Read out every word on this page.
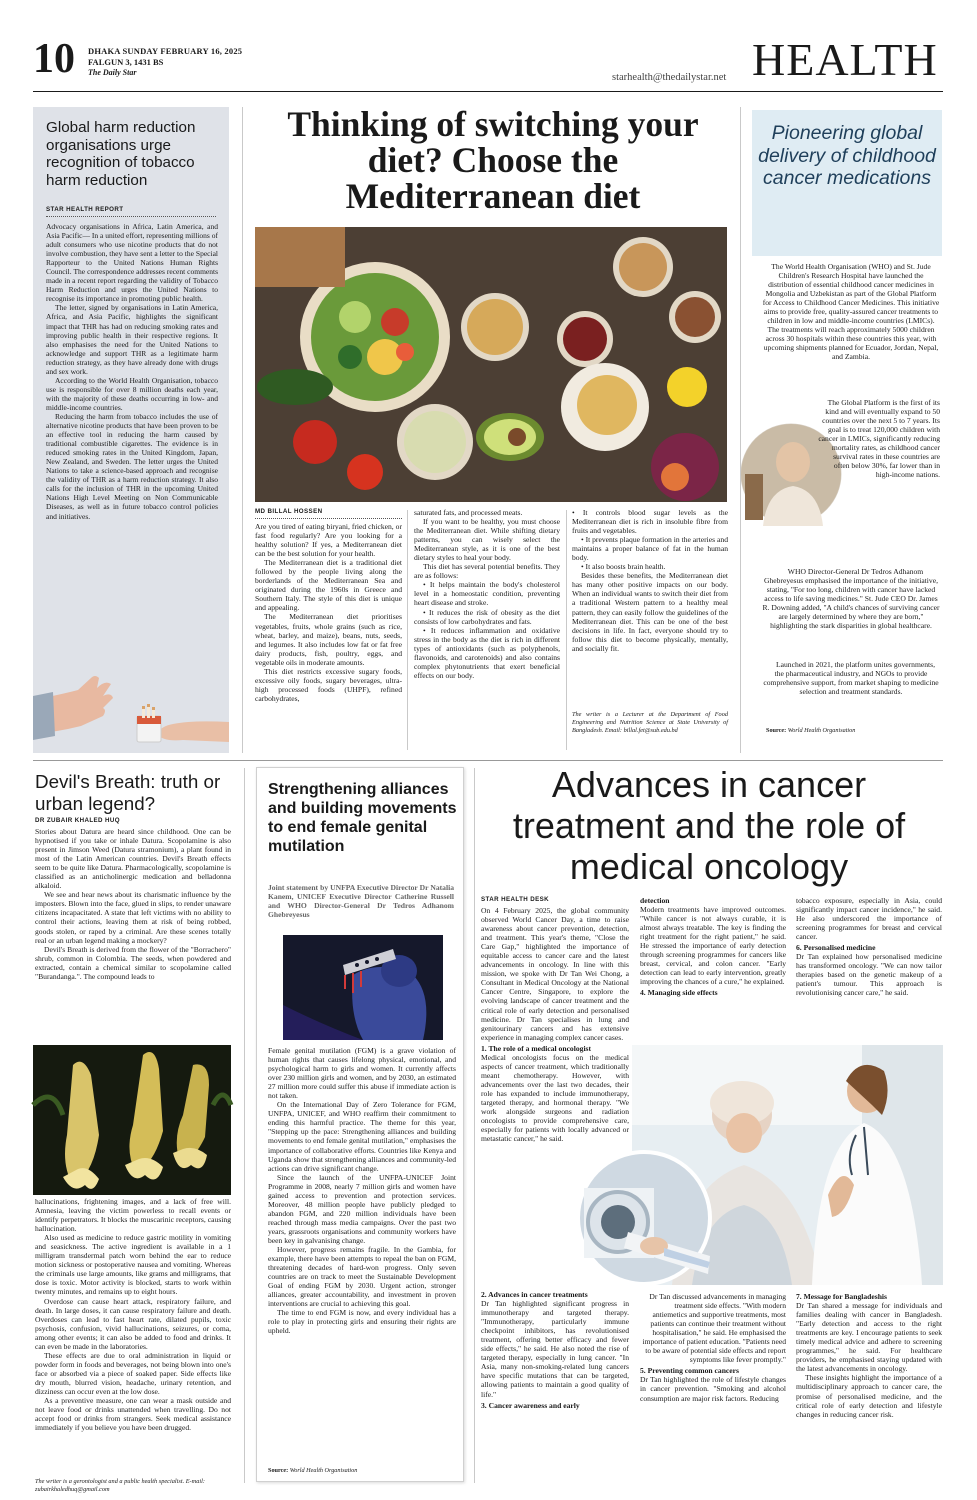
10 DHAKA SUNDAY FEBRUARY 16, 2025
FALGUN 3, 1431 BS
The Daily Star	starhealth@thedailystar.net HEALTH
Global harm reduction organisations urge recognition of tobacco harm reduction
STAR HEALTH REPORT

Advocacy organisations in Africa, Latin America, and Asia Pacific— In a united effort, representing millions of adult consumers who use nicotine products that do not involve combustion, they have sent a letter to the Special Rapporteur to the United Nations Human Rights Council. The correspondence addresses recent comments made in a recent report regarding the validity of Tobacco Harm Reduction and urges the United Nations to recognise its importance in promoting public health.

The letter, signed by organisations in Latin America, Africa, and Asia Pacific, highlights the significant impact that THR has had on reducing smoking rates and improving public health in their respective regions. It also emphasises the need for the United Nations to acknowledge and support THR as a legitimate harm reduction strategy, as they have already done with drugs and sex work.

According to the World Health Organisation, tobacco use is responsible for over 8 million deaths each year, with the majority of these deaths occurring in low- and middle-income countries.

Reducing the harm from tobacco includes the use of alternative nicotine products that have been proven to be an effective tool in reducing the harm caused by traditional combustible cigarettes. The evidence is in reduced smoking rates in the United Kingdom, Japan, New Zealand, and Sweden. The letter urges the United Nations to take a science-based approach and recognise the validity of THR as a harm reduction strategy. It also calls for the inclusion of THR in the upcoming United Nations High Level Meeting on Non Communicable Diseases, as well as in future tobacco control policies and initiatives.

Thinking of switching your diet? Choose the Mediterranean diet
MD BILLAL HOSSEN

Are you tired of eating biryani, fried chicken, or fast food regularly? Are you looking for a healthy solution? If yes, a Mediterranean diet can be the best solution for your health.

The Mediterranean diet is a traditional diet followed by the people living along the borderlands of the Mediterranean Sea and originated during the 1960s in Greece and Southern Italy. The style of this diet is unique and appealing.

The Mediterranean diet prioritises vegetables, fruits, whole grains (such as rice, wheat, barley, and maize), beans, nuts, seeds, and legumes. It also includes low fat or fat free dairy products, fish, poultry, eggs, and vegetable oils in moderate amounts.

This diet restricts excessive sugary foods, excessive oily foods, sugary beverages, ultra-high processed foods (UHPF), refined carbohydrates,

saturated fats, and processed meats.

If you want to be healthy, you must choose the Mediterranean diet. While shifting dietary patterns, you can wisely select the Mediterranean style, as it is one of the best dietary styles to heal your body.

This diet has several potential benefits. They are as follows:

• It helps maintain the body's cholesterol level in a homeostatic condition, preventing heart disease and stroke.

• It reduces the risk of obesity as the diet consists of low carbohydrates and fats.

• It reduces inflammation and oxidative stress in the body as the diet is rich in different types of antioxidants (such as polyphenols, flavonoids, and carotenoids) and also contains complex phytonutrients that exert beneficial effects on our body.

• It controls blood sugar levels as the Mediterranean diet is rich in insoluble fibre from fruits and vegetables.

• It prevents plaque formation in the arteries and maintains a proper balance of fat in the human body.

• It also boosts brain health.

Besides these benefits, the Mediterranean diet has many other positive impacts on our body. When an individual wants to switch their diet from a traditional Western pattern to a healthy meal pattern, they can easily follow the guidelines of the Mediterranean diet. This can be one of the best decisions in life. In fact, everyone should try to follow this diet to become physically, mentally, and socially fit.

The writer is a Lecturer at the Department of Food Engineering and Nutrition Science at State University of Bangladesh. Email: billal.fet@sub.edu.bd
Pioneering global delivery of childhood cancer medications

The World Health Organisation (WHO) and St. Jude Children's Research Hospital have launched the distribution of essential childhood cancer medicines in Mongolia and Uzbekistan as part of the Global Platform for Access to Childhood Cancer Medicines. This initiative aims to provide free, quality-assured cancer treatments to children in low and middle-income countries (LMICs). The treatments will reach approximately 5000 children across 30 hospitals within these countries this year, with upcoming shipments planned for Ecuador, Jordan, Nepal, and Zambia.

The Global Platform is the first of its kind and will eventually expand to 50 countries over the next 5 to 7 years. Its goal is to treat 120,000 children with cancer in LMICs, significantly reducing mortality rates, as childhood cancer survival rates in these countries are often below 30%, far lower than in high-income nations.

WHO Director-General Dr Tedros Adhanom Ghebreyesus emphasised the importance of the initiative, stating, "For too long, children with cancer have lacked access to life saving medicines." St. Jude CEO Dr. James R. Downing added, "A child's chances of surviving cancer are largely determined by where they are born," highlighting the stark disparities in global healthcare.

Launched in 2021, the platform unites governments, the pharmaceutical industry, and NGOs to provide comprehensive support, from market shaping to medicine selection and treatment standards.

Source: World Health Organisation
Devil's Breath: truth or urban legend?
DR ZUBAIR KHALED HUQ

Stories about Datura are heard since childhood. One can be hypnotised if you take or inhale Datura. Scopolamine is also present in Jimson Weed (Datura stramonium), a plant found in most of the Latin American countries. Devil's Breath effects seem to be quite like Datura. Pharmacologically, scopolamine is classified as an anticholinergic medication and belladonna alkaloid.

We see and hear news about its charismatic influence by the imposters. Blown into the face, glued in slips, to render unaware citizens incapacitated. A state that left victims with no ability to control their actions, leaving them at risk of being robbed, goods stolen, or raped by a criminal. Are these scenes totally real or an urban legend making a mockery?

Devil's Breath is derived from the flower of the "Borrachero" shrub, common in Colombia. The seeds, when powdered and extracted, contain a chemical similar to scopolamine called "Burandanga.". The compound leads to

hallucinations, frightening images, and a lack of free will. Amnesia, leaving the victim powerless to recall events or identify perpetrators. It blocks the muscarinic receptors, causing hallucination.

Also used as medicine to reduce gastric motility in vomiting and seasickness. The active ingredient is available in a 1 milligram transdermal patch worn behind the ear to reduce motion sickness or postoperative nausea and vomiting. Whereas the criminals use large amounts, like grams and milligrams, that dose is toxic. Motor activity is blocked, starts to work within twenty minutes, and remains up to eight hours.

Overdose can cause heart attack, respiratory failure, and death. In large doses, it can cause respiratory failure and death. Overdoses can lead to fast heart rate, dilated pupils, toxic psychosis, confusion, vivid hallucinations, seizures, or coma, among other events; it can also be added to food and drinks. It can even be made in the laboratories.

These effects are due to oral administration in liquid or powder form in foods and beverages, not being blown into one's face or absorbed via a piece of soaked paper. Side effects like dry mouth, blurred vision, headache, urinary retention, and dizziness can occur even at the low dose.

As a preventive measure, one can wear a mask outside and not leave food or drinks unattended when travelling. Do not accept food or drinks from strangers. Seek medical assistance immediately if you believe you have been drugged.

The writer is a gerontologist and a public health specialist. E-mail: zubairkhaledhuq@gmail.com
Strengthening alliances and building movements to end female genital mutilation
Joint statement by UNFPA Executive Director Dr Natalia Kanem, UNICEF Executive Director Catherine Russell and WHO Director-General Dr Tedros Adhanom Ghebreyesus

Female genital mutilation (FGM) is a grave violation of human rights that causes lifelong physical, emotional, and psychological harm to girls and women. It currently affects over 230 million girls and women, and by 2030, an estimated 27 million more could suffer this abuse if immediate action is not taken.

On the International Day of Zero Tolerance for FGM, UNFPA, UNICEF, and WHO reaffirm their commitment to ending this harmful practice. The theme for this year, "Stepping up the pace: Strengthening alliances and building movements to end female genital mutilation," emphasises the importance of collaborative efforts. Countries like Kenya and Uganda show that strengthening alliances and community-led actions can drive significant change.

Since the launch of the UNFPA-UNICEF Joint Programme in 2008, nearly 7 million girls and women have gained access to prevention and protection services. Moreover, 48 million people have publicly pledged to abandon FGM, and 220 million individuals have been reached through mass media campaigns. Over the past two years, grassroots organisations and community workers have been key in galvanising change.

However, progress remains fragile. In the Gambia, for example, there have been attempts to repeal the ban on FGM, threatening decades of hard-won progress. Only seven countries are on track to meet the Sustainable Development Goal of ending FGM by 2030. Urgent action, stronger alliances, greater accountability, and investment in proven interventions are crucial to achieving this goal.

The time to end FGM is now, and every individual has a role to play in protecting girls and ensuring their rights are upheld.

Source: World Health Organisation
Advances in cancer treatment and the role of medical oncology
STAR HEALTH DESK

On 4 February 2025, the global community observed World Cancer Day, a time to raise awareness about cancer prevention, detection, and treatment. This year's theme, "Close the Care Gap," highlighted the importance of equitable access to cancer care and the latest advancements in oncology. In line with this mission, we spoke with Dr Tan Wei Chong, a Consultant in Medical Oncology at the National Cancer Centre, Singapore, to explore the evolving landscape of cancer treatment and the critical role of early detection and personalised medicine. Dr Tan specialises in lung and genitourinary cancers and has extensive experience in managing complex cancer cases.

1. The role of a medical oncologist

Medical oncologists focus on the medical aspects of cancer treatment, which traditionally meant chemotherapy. However, with advancements over the last two decades, their role has expanded to include immunotherapy, targeted therapy, and hormonal therapy. "We work alongside surgeons and radiation oncologists to provide comprehensive care, especially for patients with locally advanced or metastatic cancer," he said.

2. Advances in cancer treatments

Dr Tan highlighted significant progress in immunotherapy and targeted therapy. "Immunotherapy, particularly immune checkpoint inhibitors, has revolutionised treatment, offering better efficacy and fewer side effects," he said. He also noted the rise of targeted therapy, especially in lung cancer. "In Asia, many non-smoking-related lung cancers have specific mutations that can be targeted, allowing patients to maintain a good quality of life."

3. Cancer awareness and early

detection

Modern treatments have improved outcomes. "While cancer is not always curable, it is almost always treatable. The key is finding the right treatment for the right patient," he said. He stressed the importance of early detection through screening programmes for cancers like breast, cervical, and colon cancer. "Early detection can lead to early intervention, greatly improving the chances of a cure," he explained.

4. Managing side effects

tobacco exposure, especially in Asia, could significantly impact cancer incidence," he said. He also underscored the importance of screening programmes for breast and cervical cancer.

6. Personalised medicine

Dr Tan explained how personalised medicine has transformed oncology. "We can now tailor therapies based on the genetic makeup of a patient's tumour. This approach is revolutionising cancer care," he said.

Dr Tan discussed advancements in managing treatment side effects. "With modern antiemetics and supportive treatments, most patients can continue their treatment without hospitalisation," he said. He emphasised the importance of patient education. "Patients need to be aware of potential side effects and report symptoms like fever promptly."

5. Preventing common cancers

Dr Tan highlighted the role of lifestyle changes in cancer prevention. "Smoking and alcohol consumption are major risk factors. Reducing

7. Message for Bangladeshis

Dr Tan shared a message for individuals and families dealing with cancer in Bangladesh. "Early detection and access to the right treatments are key. I encourage patients to seek timely medical advice and adhere to screening programmes," he said. For healthcare providers, he emphasised staying updated with the latest advancements in oncology.

These insights highlight the importance of a multidisciplinary approach to cancer care, the promise of personalised medicine, and the critical role of early detection and lifestyle changes in reducing cancer risk.
